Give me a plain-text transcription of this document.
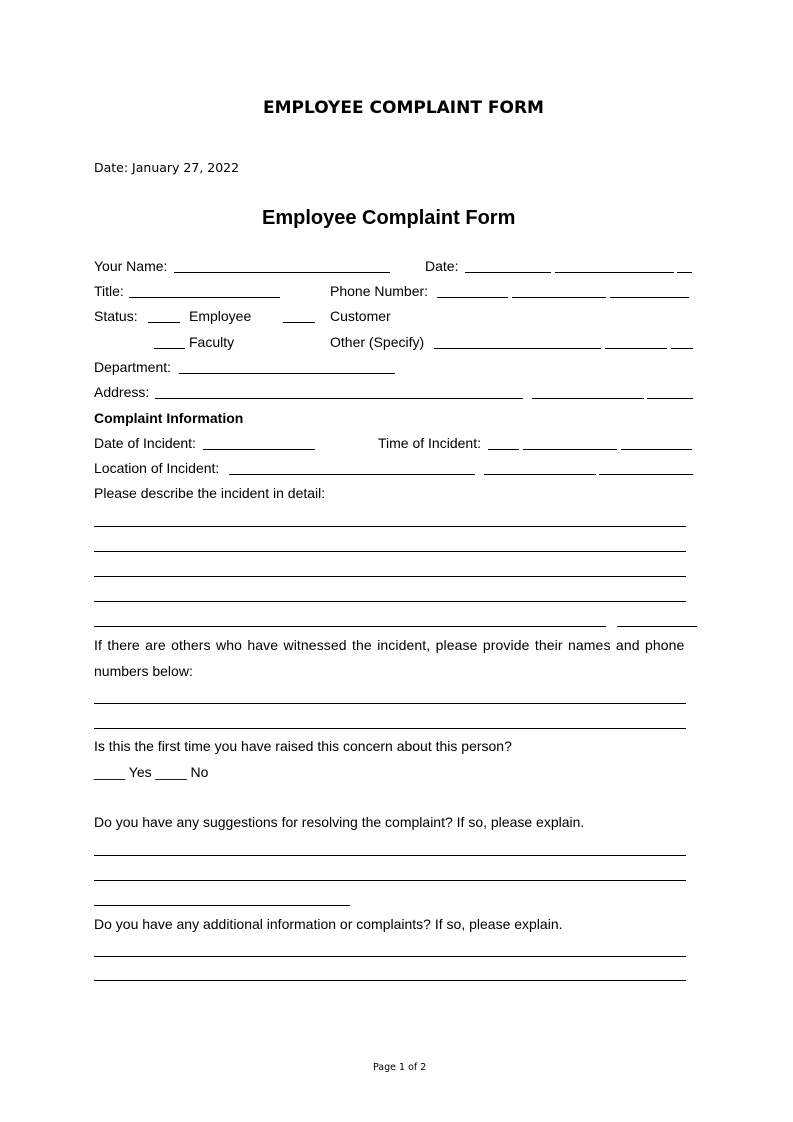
EMPLOYEE COMPLAINT FORM
Date: January 27, 2022
Employee Complaint Form
Your Name:	Date:
Title:	Phone Number:
Status:	Employee	Customer
Faculty	Other (Specify)
Department:
Address:
Complaint Information
Date of Incident:	Time of Incident:
Location of Incident:
Please describe the incident in detail:
If there are others who have witnessed the incident, please provide their names and phone
numbers below:
Is this the first time you have raised this concern about this person?
____ Yes ____ No
Do you have any suggestions for resolving the complaint? If so, please explain.
Do you have any additional information or complaints? If so, please explain.
Page 1 of 2
